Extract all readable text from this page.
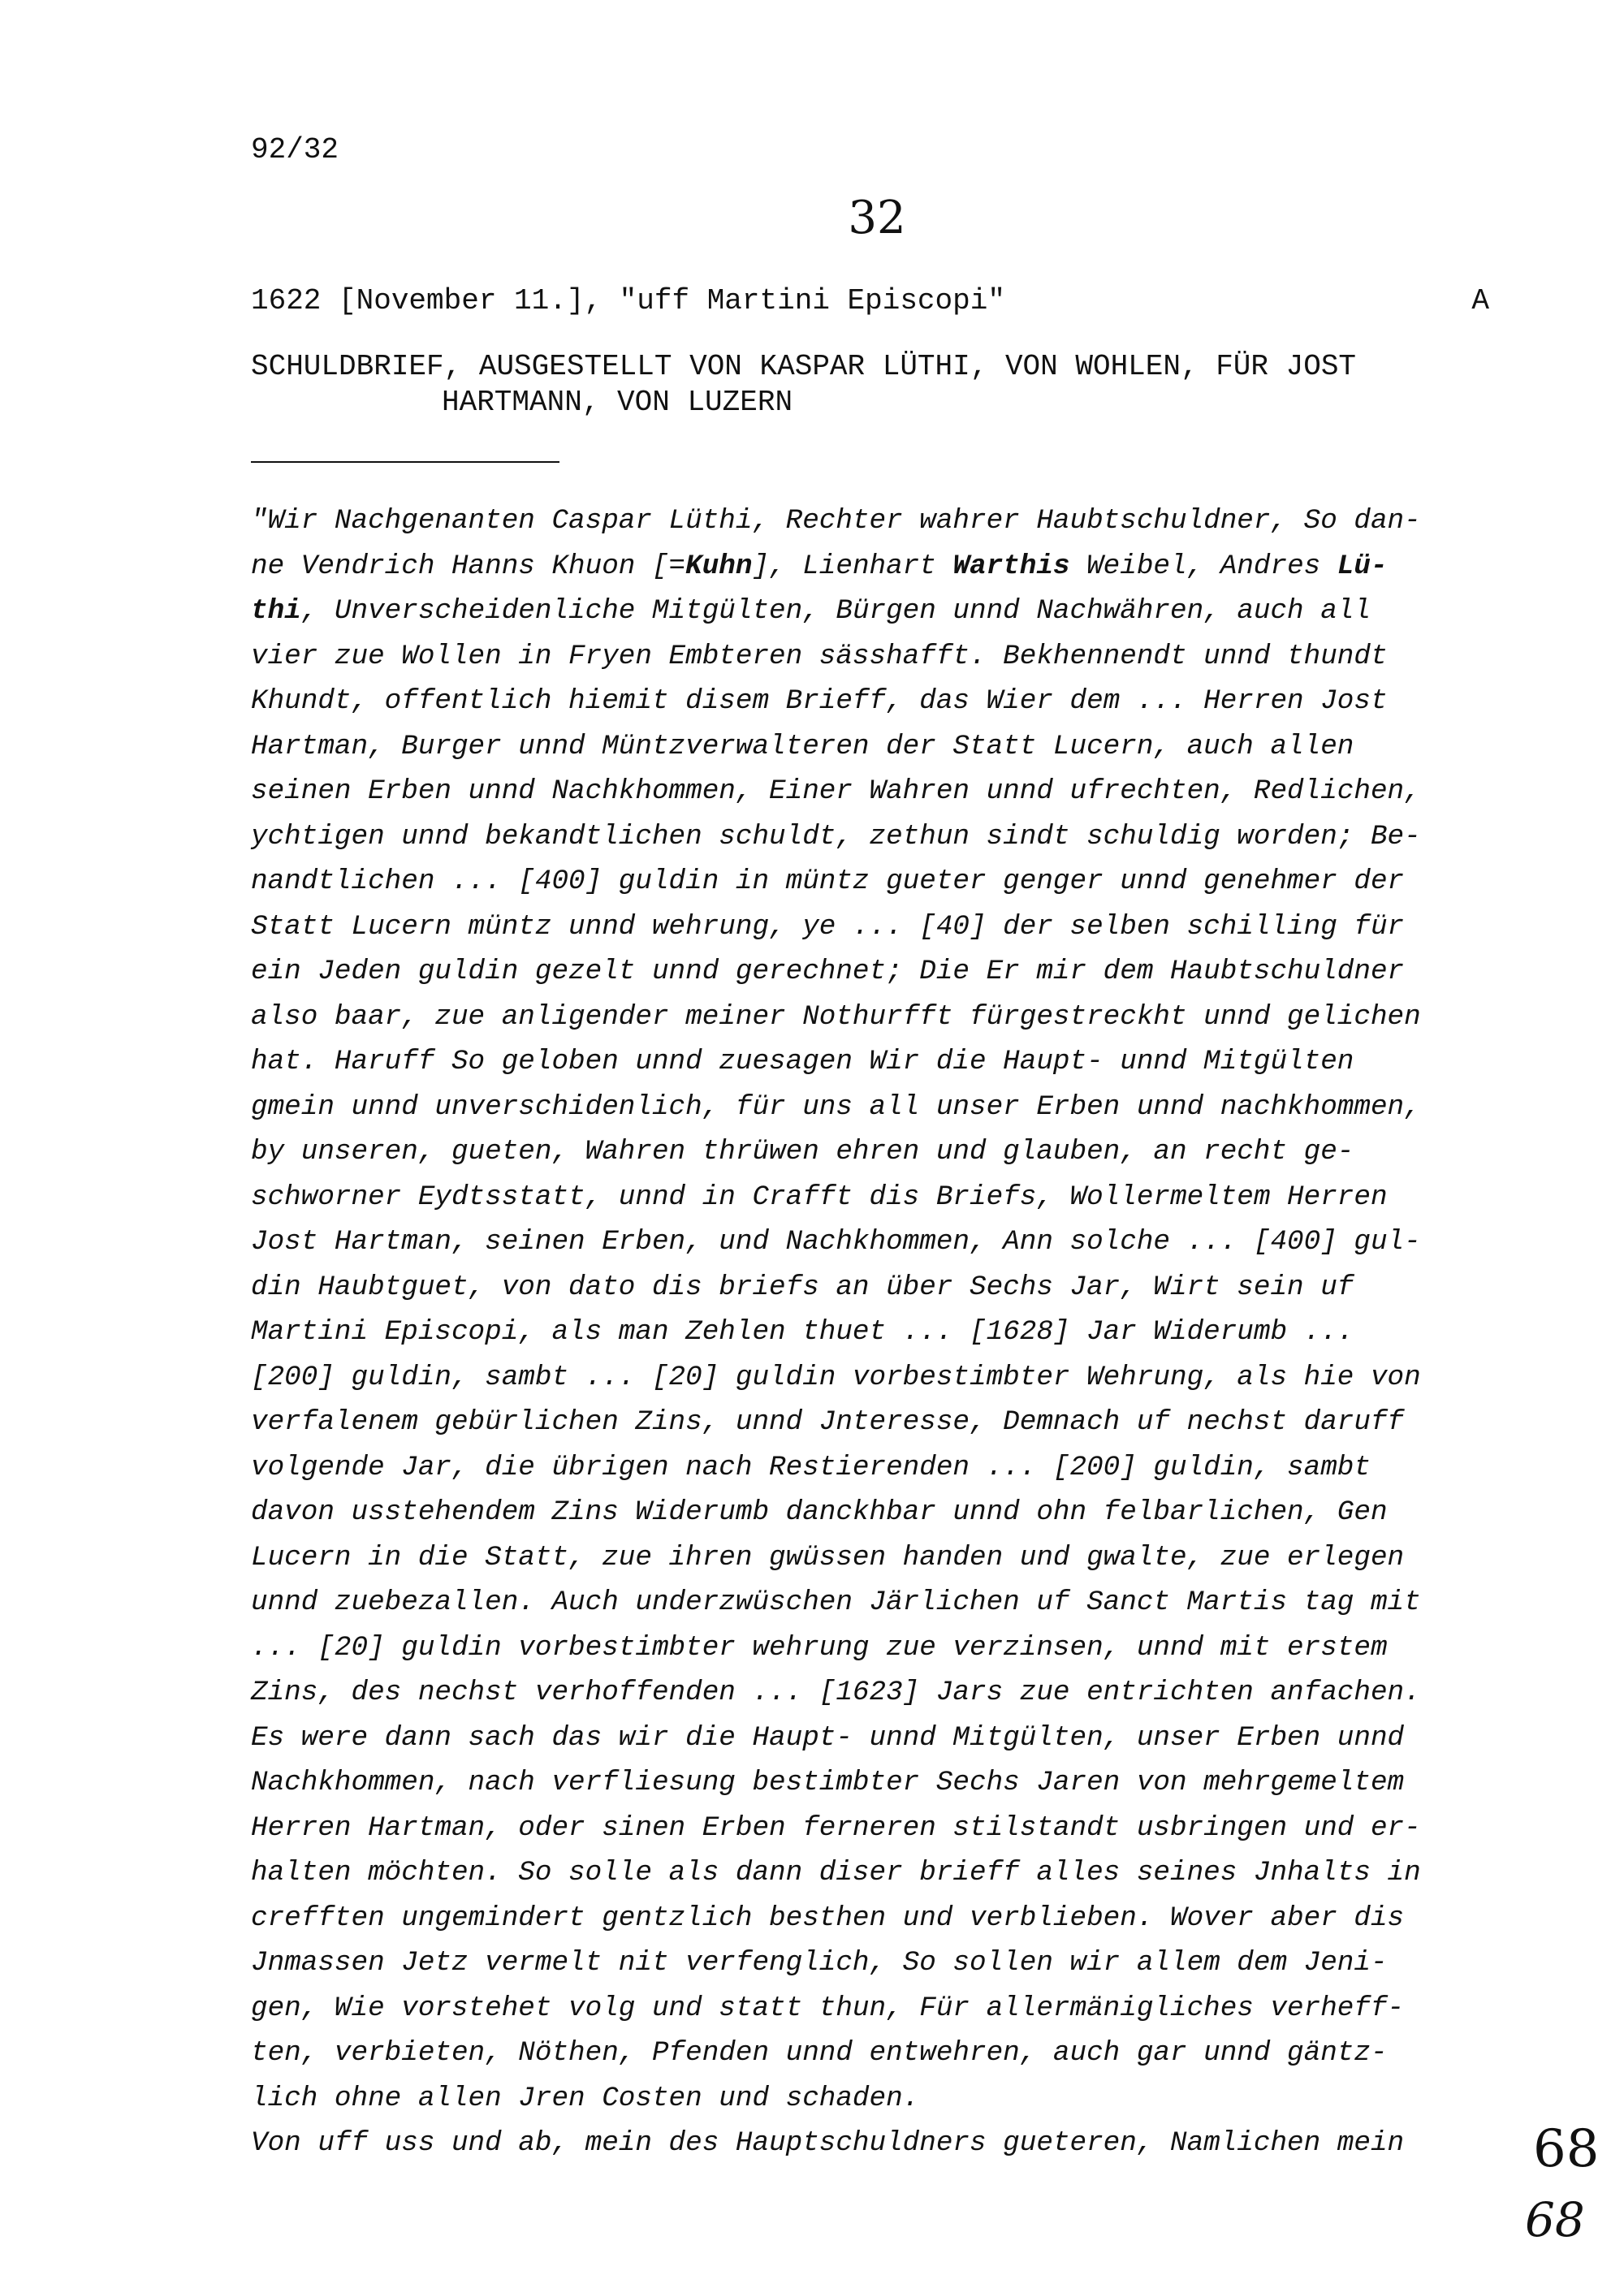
92/32
32
1622 [November 11.], "uff Martini Episcopi"	A
SCHULDBRIEF, AUSGESTELLT VON KASPAR LÜTHI, VON WOHLEN, FÜR JOST
HARTMANN, VON LUZERN
"Wir Nachgenanten Caspar Lüthi, Rechter wahrer Haubtschuldner, So dan-
ne Vendrich Hanns Khuon [=Kuhn], Lienhart Warthis Weibel, Andres Lü-
thi, Unverscheidenliche Mitgülten, Bürgen unnd Nachwähren, auch all
vier zue Wollen in Fryen Embteren sässhafft. Bekhennendt unnd thundt
Khundt, offentlich hiemit disem Brieff, das Wier dem ... Herren Jost
Hartman, Burger unnd Müntzverwalteren der Statt Lucern, auch allen
seinen Erben unnd Nachkhommen, Einer Wahren unnd ufrechten, Redlichen,
ychtigen unnd bekandtlichen schuldt, zethun sindt schuldig worden; Be-
nandtlichen ... [400] guldin in müntz gueter genger unnd genehmer der
Statt Lucern müntz unnd wehrung, ye ... [40] der selben schilling für
ein Jeden guldin gezelt unnd gerechnet; Die Er mir dem Haubtschuldner
also baar, zue anligender meiner Nothurfft fürgestreckht unnd gelichen
hat. Haruff So geloben unnd zuesagen Wir die Haupt- unnd Mitgülten
gmein unnd unverschidenlich, für uns all unser Erben unnd nachkhommen,
by unseren, gueten, Wahren thrüwen ehren und glauben, an recht ge-
schworner Eydtsstatt, unnd in Crafft dis Briefs, Wollermeltem Herren
Jost Hartman, seinen Erben, und Nachkhommen, Ann solche ... [400] gul-
din Haubtguet, von dato dis briefs an über Sechs Jar, Wirt sein uf
Martini Episcopi, als man Zehlen thuet ... [1628] Jar Widerumb ...
[200] guldin, sambt ... [20] guldin vorbestimbter Wehrung, als hie von
verfalenem gebürlichen Zins, unnd Jnteresse, Demnach uf nechst daruff
volgende Jar, die übrigen nach Restierenden ... [200] guldin, sambt
davon usstehendem Zins Widerumb danckhbar unnd ohn felbarlichen, Gen
Lucern in die Statt, zue ihren gwüssen handen und gwalte, zue erlegen
unnd zuebezallen. Auch underzwüschen Järlichen uf Sanct Martis tag mit
... [20] guldin vorbestimbter wehrung zue verzinsen, unnd mit erstem
Zins, des nechst verhoffenden ... [1623] Jars zue entrichten anfachen.
Es were dann sach das wir die Haupt- unnd Mitgülten, unser Erben unnd
Nachkhommen, nach verfliesung bestimbter Sechs Jaren von mehrgemeltem
Herren Hartman, oder sinen Erben ferneren stilstandt usbringen und er-
halten möchten. So solle als dann diser brieff alles seines Jnhalts in
crefften ungemindert gentzlich besthen und verblieben. Wover aber dis
Jnmassen Jetz vermelt nit verfenglich, So sollen wir allem dem Jeni-
gen, Wie vorstehet volg und statt thun, Für allermänigliches verheff-
ten, verbieten, Nöthen, Pfenden unnd entwehren, auch gar unnd gäntz-
lich ohne allen Jren Costen und schaden.
Von uff uss und ab, mein des Hauptschuldners gueteren, Namlichen mein	68
68
